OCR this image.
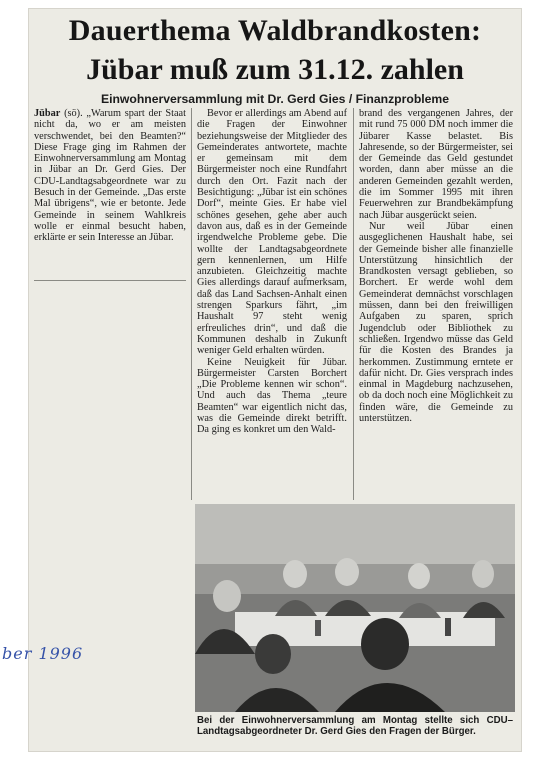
Dauerthema Waldbrandkosten:
Jübar muß zum 31.12. zahlen
Einwohnerversammlung mit Dr. Gerd Gies / Finanzprobleme

Jübar (sö). „Warum spart der Staat nicht da, wo er am meisten verschwendet, bei den Beamten?“ Diese Frage ging im Rahmen der Einwohnerversammlung am Montag in Jübar an Dr. Gerd Gies. Der CDU-Landtagsabgeordnete war zu Besuch in der Gemeinde. „Das erste Mal übrigens“, wie er betonte. Jede Gemeinde in seinem Wahlkreis wolle er einmal besucht haben, erklärte er sein Interesse an Jübar.

Bevor er allerdings am Abend auf die Fragen der Einwohner beziehungsweise der Mitglieder des Gemeinderates antwortete, machte er gemeinsam mit dem Bürgermeister noch eine Rundfahrt durch den Ort. Fazit nach der Besichtigung: „Jübar ist ein schönes Dorf“, meinte Gies. Er habe viel schönes gesehen, gehe aber auch davon aus, daß es in der Gemeinde irgendwelche Probleme gebe. Die wollte der Landtagsabgeordnete gern kennenlernen, um Hilfe anzubieten. Gleichzeitig machte Gies allerdings darauf aufmerksam, daß das Land Sachsen-Anhalt einen strengen Sparkurs fährt, „im Haushalt 97 steht wenig erfreuliches drin“, und daß die Kommunen deshalb in Zukunft weniger Geld erhalten würden.

Keine Neuigkeit für Jübar. Bürgermeister Carsten Borchert „Die Probleme kennen wir schon“. Und auch das Thema „teure Beamten“ war eigentlich nicht das, was die Gemeinde direkt betrifft. Da ging es konkret um den Wald-

brand des vergangenen Jahres, der mit rund 75 000 DM noch immer die Jübarer Kasse belastet. Bis Jahresende, so der Bürgermeister, sei der Gemeinde das Geld gestundet worden, dann aber müsse an die anderen Gemeinden gezahlt werden, die im Sommer 1995 mit ihren Feuerwehren zur Brandbekämpfung nach Jübar ausgerückt seien.

Nur weil Jübar einen ausgeglichenen Haushalt habe, sei der Gemeinde bisher alle finanzielle Unterstützung hinsichtlich der Brandkosten versagt geblieben, so Borchert. Er werde wohl dem Gemeinderat demnächst vorschlagen müssen, dann bei den freiwilligen Aufgaben zu sparen, sprich Jugendclub oder Bibliothek zu schließen. Irgendwo müsse das Geld für die Kosten des Brandes ja herkommen. Zustimmung erntete er dafür nicht. Dr. Gies versprach indes einmal in Magdeburg nachzusehen, ob da doch noch eine Möglichkeit zu finden wäre, die Gemeinde zu unterstützen.

Bei der Einwohnerversammlung am Montag stellte sich CDU–Landtagsabgeordneter Dr. Gerd Gies den Fragen der Bürger.
ber 1996
